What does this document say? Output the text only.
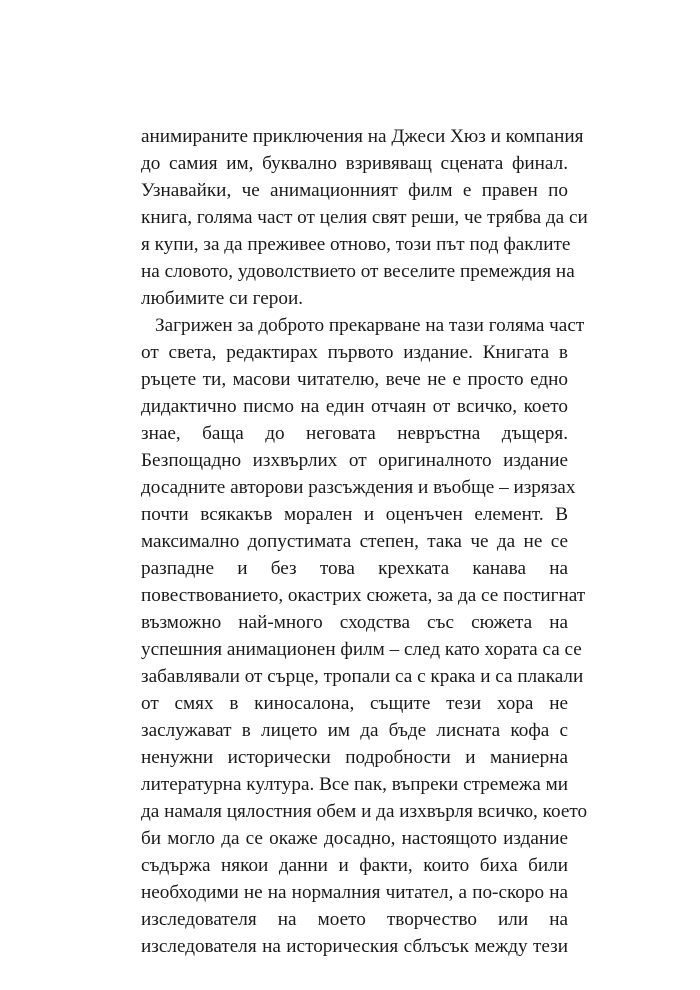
анимираните приключения на Джеси Хюз и компания
до самия им, буквално взривяващ сцената финал.
Узнавайки, че анимационният филм е правен по
книга, голяма част от целия свят реши, че трябва да си
я купи, за да преживее отново, този път под факлите
на словото, удоволствието от веселите премеждия на
любимите си герои.
Загрижен за доброто прекарване на тази голяма част
от света, редактирах първото издание. Книгата в
ръцете ти, масови читателю, вече не е просто едно
дидактично писмо на един отчаян от всичко, което
знае, баща до неговата невръстна дъщеря.
Безпощадно изхвърлих от оригиналното издание
досадните авторови разсъждения и въобще – изрязах
почти всякакъв морален и оценъчен елемент. В
максимално допустимата степен, така че да не се
разпадне и без това крехката канава на
повествованието, окастрих сюжета, за да се постигнат
възможно най-много сходства със сюжета на
успешния анимационен филм – след като хората са се
забавлявали от сърце, тропали са с крака и са плакали
от смях в киносалона, същите тези хора не
заслужават в лицето им да бъде лисната кофа с
ненужни исторически подробности и маниерна
литературна култура. Все пак, въпреки стремежа ми
да намаля цялостния обем и да изхвърля всичко, което
би могло да се окаже досадно, настоящото издание
съдържа някои данни и факти, които биха били
необходими не на нормалния читател, а по-скоро на
изследователя на моето творчество или на
изследователя на историческия сблъсък между тези
